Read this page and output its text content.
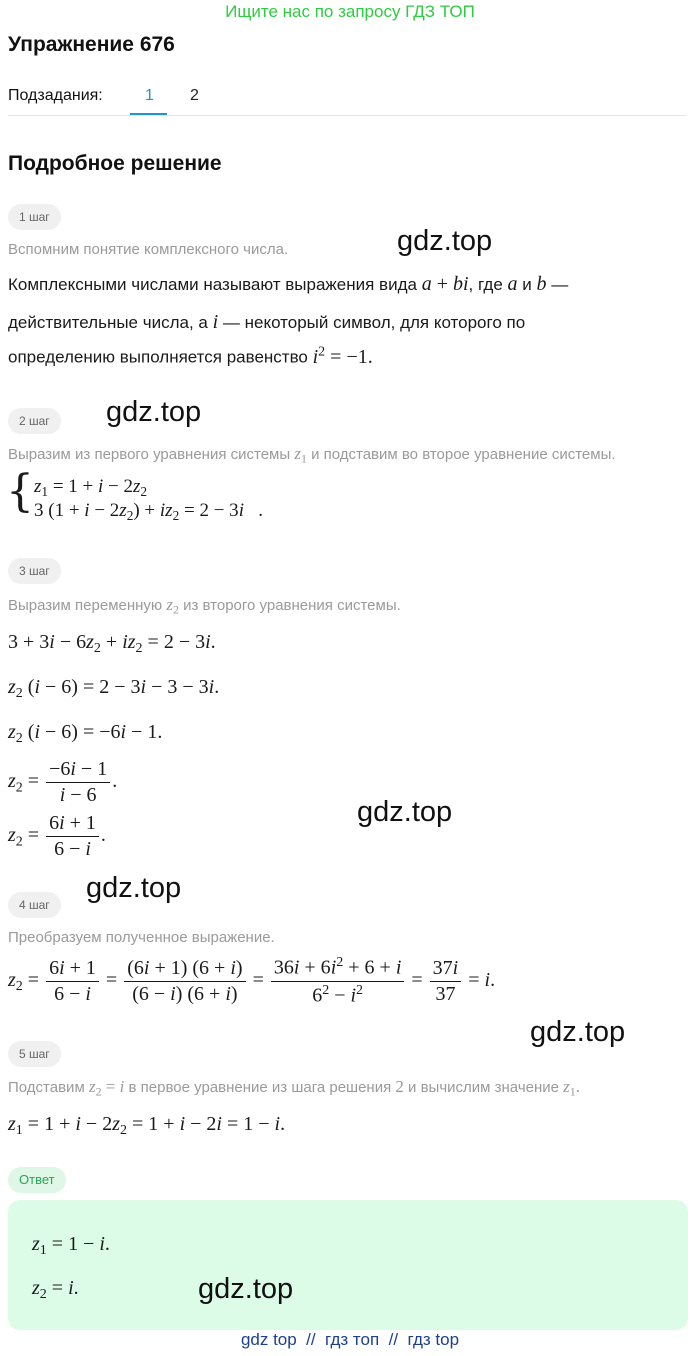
Ищите нас по запросу ГДЗ ТОП
Упражнение 676
Подзадания:	1 2
Подробное решение
1 шаг
Вспомним понятие комплексного числа.
Комплексными числами называют выражения вида a + bi, где a и b —
действительные числа, а i — некоторый символ, для которого по
определению выполняется равенство $i^2 = -1$.
2 шаг
Выразим из первого уравнения системы $z_1$ и подставим во второе уравнение системы.
{ $z_1 = 1 + i - 2z_2$
3 $(1 + i - 2z_2) + iz_2 = 2 - 3i$   .
3 шаг
Выразим переменную $z_2$ из второго уравнения системы.
$3 + 3i - 6z_2 + iz_2 = 2 - 3i$.
$z_2$ (i − 6) = 2 − 3i − 3 − 3i.
$z_2$ (i − 6) = −6i − 1.
$z_2 = \frac{-6i - 1}{i - 6}$ .
$z_2 = \frac{6i + 1}{6 - i}$ .
4 шаг
Преобразуем полученное выражение.
$z_2 = \frac{6i + 1}{6 - i} = \frac{(6i + 1) (6 + i)}{(6 - i) (6 + i)} = \frac{36i + 6i^2 + 6 + i}{6^2 - i^2} = \frac{37i}{37} = i$.
5 шаг
Подставим $z_2 = i$ в первое уравнение из шага решения 2 и вычислим значение $z_1$.
$z_1 = 1 + i - 2z_2 = 1 + i - 2i = 1 - i$.
Ответ
$z_1 = 1 - i$.
$z_2 = i$.
gdz.top
gdz.top
gdz.top
gdz.top
gdz.top
gdz.top
gdz top  //  гдз топ  //  гдз top
